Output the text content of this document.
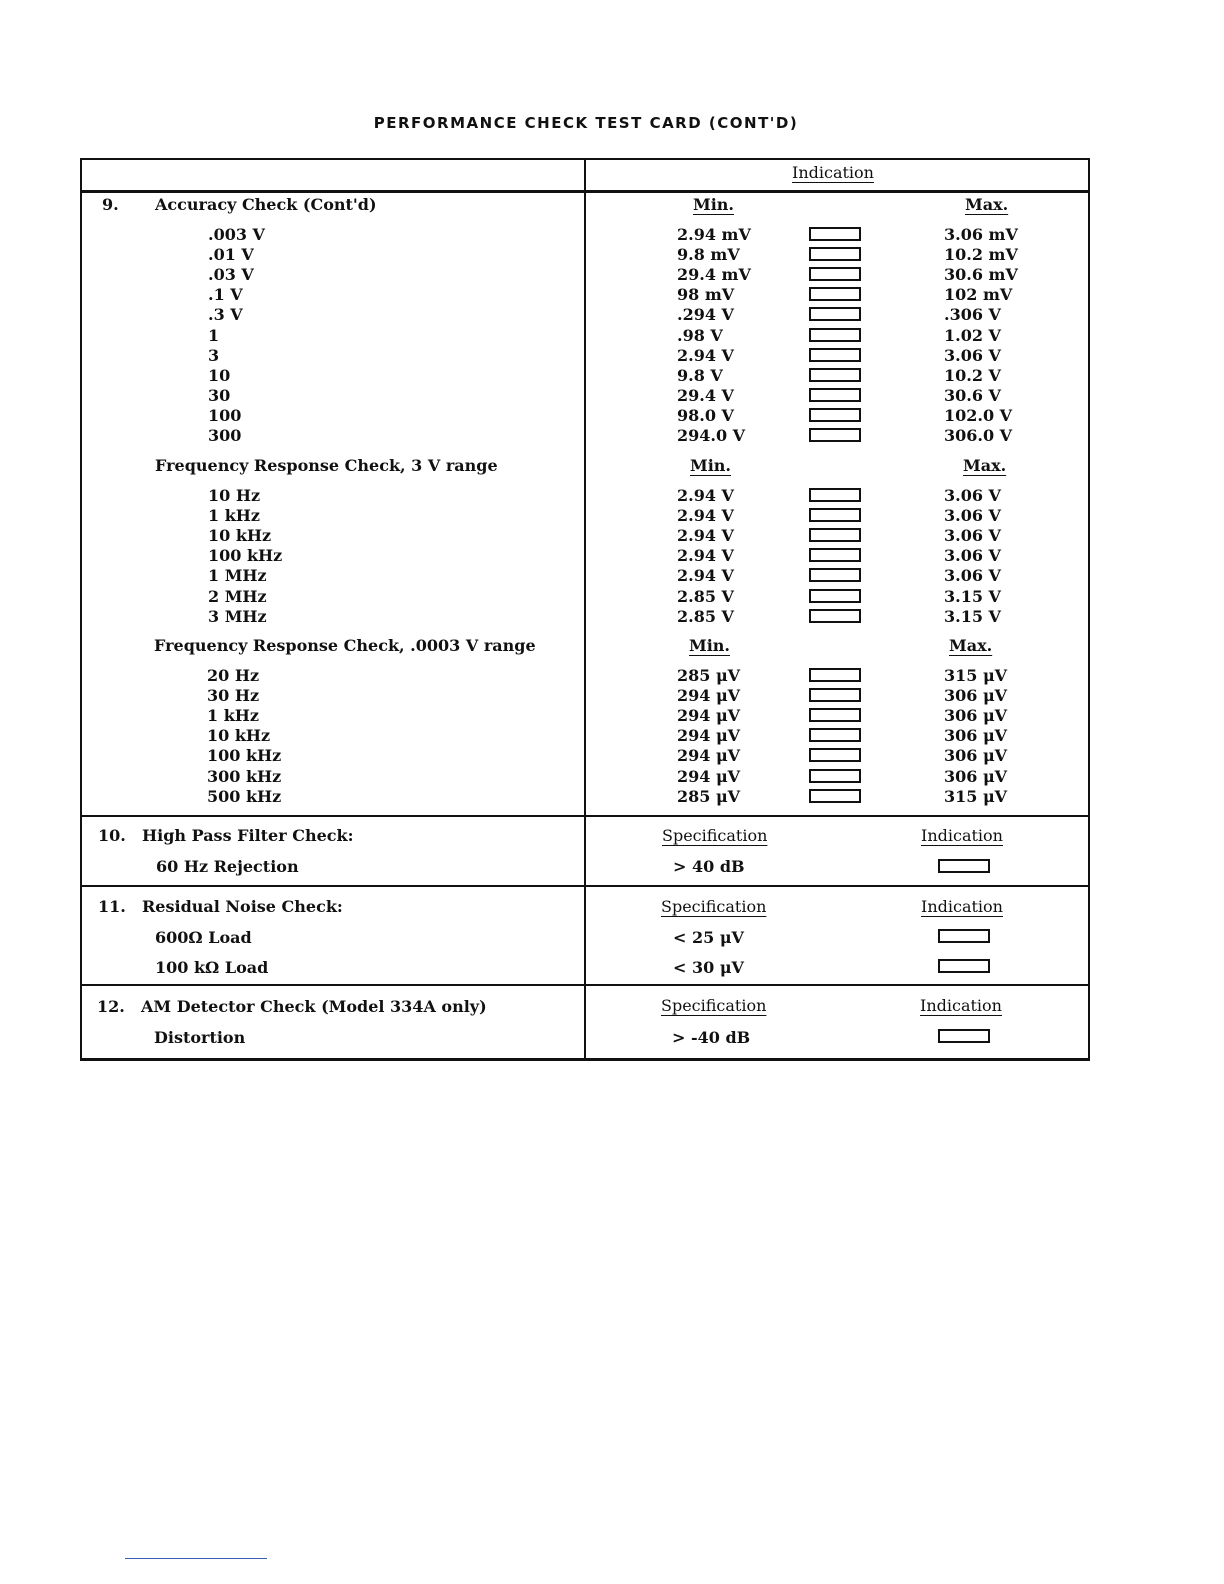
PERFORMANCE CHECK TEST CARD (CONT'D)
Indication
9. Accuracy Check (Cont'd)	Min.	Max.
.003 V	2.94 mV	3.06 mV
.01 V	9.8 mV	10.2 mV
.03 V	29.4 mV	30.6 mV
.1 V	98 mV	102 mV
.3 V	.294 V	.306 V
1	.98 V	1.02 V
3	2.94 V	3.06 V
10	9.8 V	10.2 V
30	29.4 V	30.6 V
100	98.0 V	102.0 V
300	294.0 V	306.0 V
Frequency Response Check, 3 V range	Min.	Max.
10 Hz	2.94 V	3.06 V
1 kHz	2.94 V	3.06 V
10 kHz	2.94 V	3.06 V
100 kHz	2.94 V	3.06 V
1 MHz	2.94 V	3.06 V
2 MHz	2.85 V	3.15 V
3 MHz	2.85 V	3.15 V
Frequency Response Check, .0003 V range	Min.	Max.
20 Hz	285 μV	315 μV
30 Hz	294 μV	306 μV
1 kHz	294 μV	306 μV
10 kHz	294 μV	306 μV
100 kHz	294 μV	306 μV
300 kHz	294 μV	306 μV
500 kHz	285 μV	315 μV
10. High Pass Filter Check:	Specification	Indication
60 Hz Rejection	> 40 dB
11. Residual Noise Check:	Specification	Indication
600Ω Load	< 25 μV
100 kΩ Load	< 30 μV
12. AM Detector Check (Model 334A only)	Specification	Indication
Distortion	> -40 dB
